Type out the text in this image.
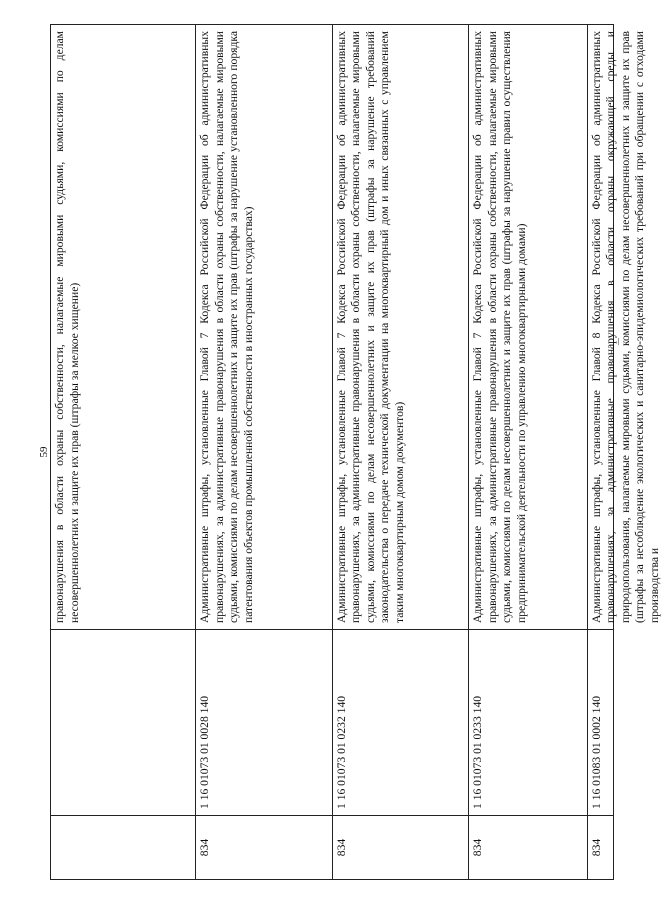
59 правонарушения в области охраны собственности, налагаемые мировыми судьями, комиссиями по делам несовершеннолетних и защите их прав (штрафы за мелкое хищение)
834
1 16 01073 01 0028 140
Административные штрафы, установленные Главой 7 Кодекса Российской Федерации об административных правонарушениях, за административные правонарушения в области охраны собственности, налагаемые мировыми судьями, комиссиями по делам несовершеннолетних и защите их прав (штрафы за нарушение установленного порядка патентования объектов промышленной собственности в иностранных государствах)
834
1 16 01073 01 0232 140
Административные штрафы, установленные Главой 7 Кодекса Российской Федерации об административных правонарушениях, за административные правонарушения в области охраны собственности, налагаемые мировыми судьями, комиссиями по делам несовершеннолетних и защите их прав (штрафы за нарушение требований законодательства о передаче технической документации на многоквартирный дом и иных связанных с управлением таким многоквартирным домом документов)
834
1 16 01073 01 0233 140
Административные штрафы, установленные Главой 7 Кодекса Российской Федерации об административных правонарушениях, за административные правонарушения в области охраны собственности, налагаемые мировыми судьями, комиссиями по делам несовершеннолетних и защите их прав (штрафы за нарушение правил осуществления предпринимательской деятельности по управлению многоквартирными домами)
834
1 16 01083 01 0002 140
Административные штрафы, установленные Главой 8 Кодекса Российской Федерации об административных правонарушениях, за административные правонарушения в области охраны окружающей среды и природопользования, налагаемые мировыми судьями, комиссиями по делам несовершеннолетних и защите их прав (штрафы за несоблюдение экологических и санитарно-эпидемиологических требований при обращении с отходами производства и
